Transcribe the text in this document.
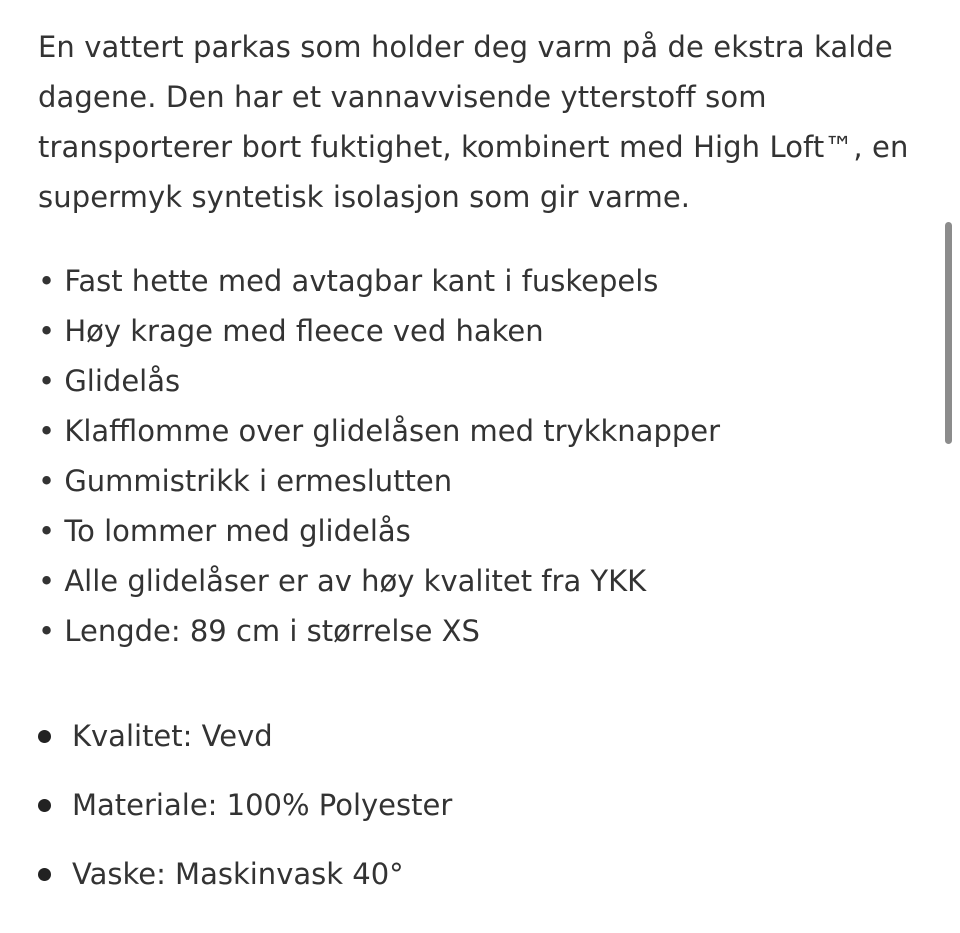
En vattert parkas som holder deg varm på de ekstra kalde dagene. Den har et vannavvisende ytterstoff som transporterer bort fuktighet, kombinert med High Loft™, en supermyk syntetisk isolasjon som gir varme.

• Fast hette med avtagbar kant i fuskepels
• Høy krage med fleece ved haken
• Glidelås
• Klafflomme over glidelåsen med trykknapper
• Gummistrikk i ermeslutten
• To lommer med glidelås
• Alle glidelåser er av høy kvalitet fra YKK
• Lengde: 89 cm i størrelse XS
Kvalitet: Vevd
Materiale: 100% Polyester
Vaske: Maskinvask 40°
